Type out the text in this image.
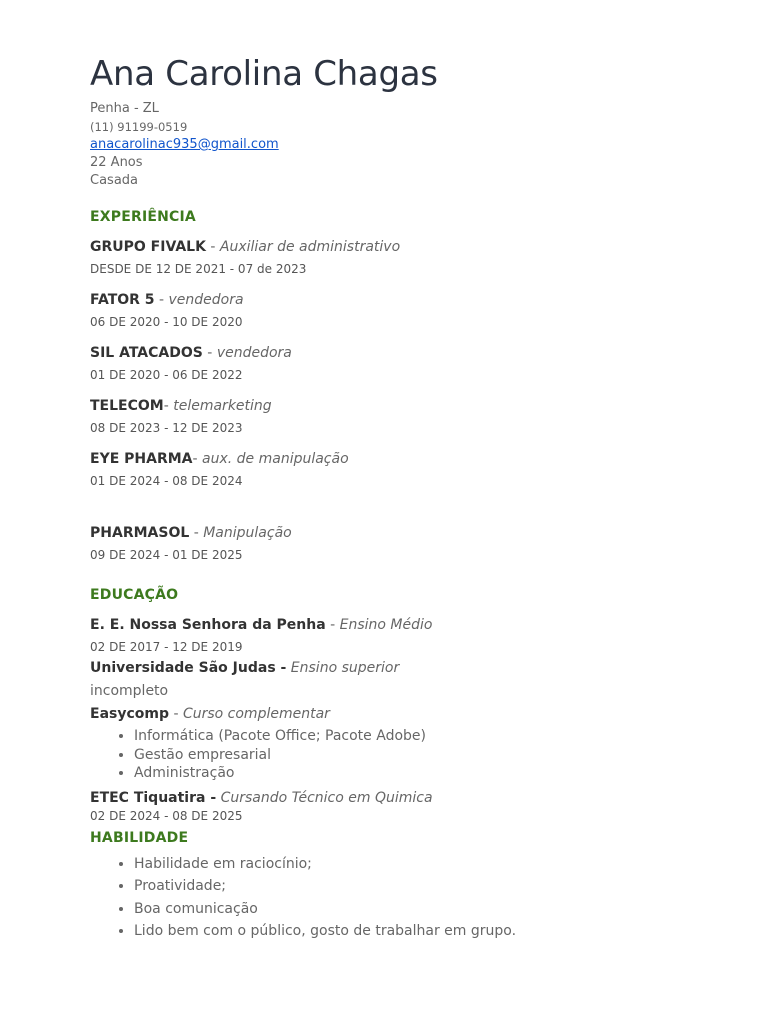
Ana Carolina Chagas
Penha - ZL
(11) 91199-0519
anacarolinac935@gmail.com
22 Anos
Casada
EXPERIÊNCIA
GRUPO FIVALK - Auxiliar de administrativo
DESDE DE 12 DE 2021 - 07 de 2023
FATOR 5 - vendedora
06 DE 2020 - 10 DE 2020
SIL ATACADOS - vendedora
01 DE 2020 - 06 DE 2022
TELECOM- telemarketing
08 DE 2023 - 12 DE 2023
EYE PHARMA- aux. de manipulação
01 DE 2024 - 08 DE 2024
PHARMASOL - Manipulação
09 DE 2024 - 01 DE 2025
EDUCAÇÃO
E. E. Nossa Senhora da Penha - Ensino Médio
02 DE 2017 - 12 DE 2019
Universidade São Judas - Ensino superior
incompleto
Easycomp - Curso complementar
• Informática (Pacote Office; Pacote Adobe)
• Gestão empresarial
• Administração
ETEC Tiquatira - Cursando Técnico em Quimica
02 DE 2024 - 08 DE 2025
HABILIDADE
• Habilidade em raciocínio;
• Proatividade;
• Boa comunicação
• Lido bem com o público, gosto de trabalhar em grupo.
